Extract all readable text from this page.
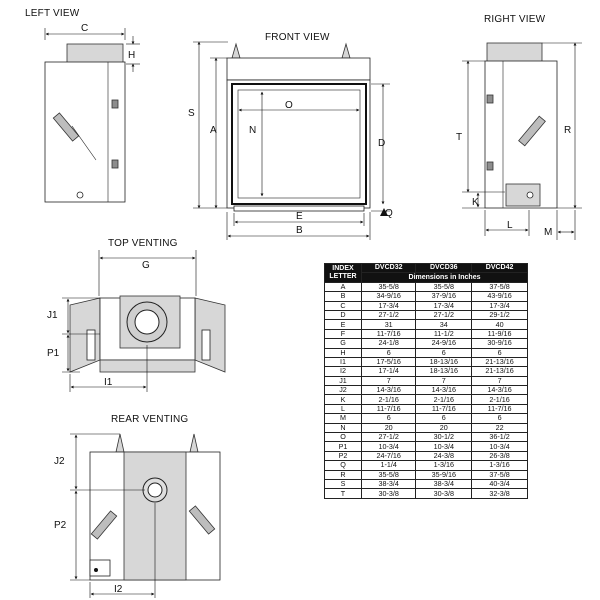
LEFT VIEW
FRONT VIEW
RIGHT VIEW
TOP VENTING
REAR VENTING
C
H
S
A
O
N
D
Q
E
B
T
R
K
L
M
G
J1
P1
I1
J2
P2
I2
INDEX LETTER	DVCD32	DVCD36	DVCD42
	Dimensions in Inches		
A	35-5/8	35-5/8	37-5/8
B	34-9/16	37-9/16	43-9/16
C	17-3/4	17-3/4	17-3/4
D	27-1/2	27-1/2	29-1/2
E	31	34	40
F	11-7/16	11-1/2	11-9/16
G	24-1/8	24-9/16	30-9/16
H	6	6	6
I1	17-5/16	18-13/16	21-13/16
I2	17-1/4	18-13/16	21-13/16
J1	7	7	7
J2	14-3/16	14-3/16	14-3/16
K	2-1/16	2-1/16	2-1/16
L	11-7/16	11-7/16	11-7/16
M	6	6	6
N	20	20	22
O	27-1/2	30-1/2	36-1/2
P1	10-3/4	10-3/4	10-3/4
P2	24-7/16	24-3/8	26-3/8
Q	1-1/4	1-3/16	1-3/16
R	35-5/8	35-9/16	37-5/8
S	38-3/4	38-3/4	40-3/4
T	30-3/8	30-3/8	32-3/8
